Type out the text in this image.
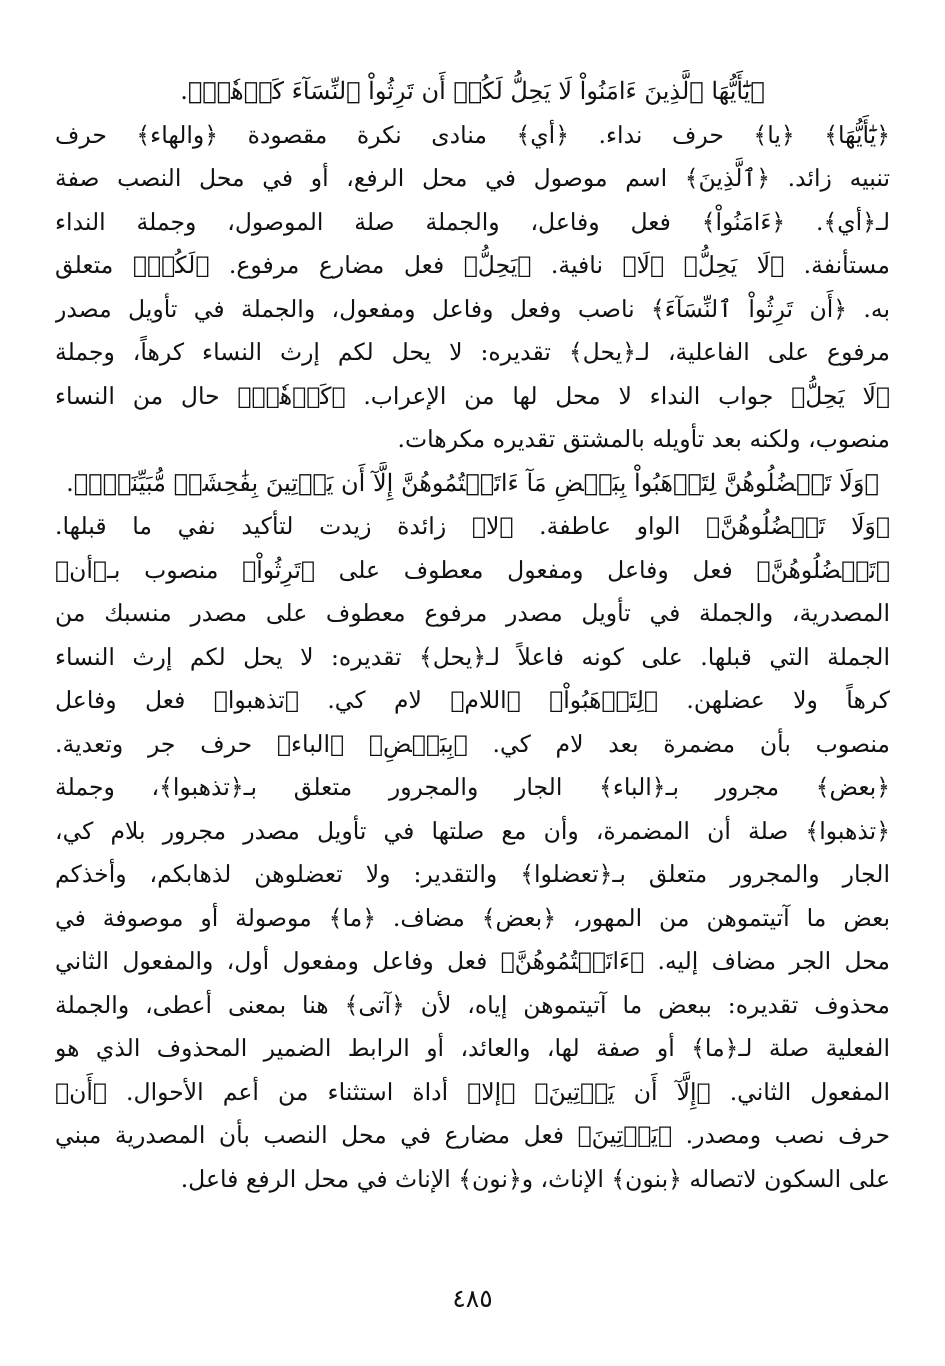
﴿يَٰٓأَيُّهَا ٱلَّذِينَ ءَامَنُواْ لَا يَحِلُّ لَكُمۡ أَن تَرِثُواْ ٱلنِّسَآءَ كَرۡهٗاۖ﴾.
﴿يَٰٓأَيُّهَا﴾ ﴿يا﴾ حرف نداء. ﴿أي﴾ منادى نكرة مقصودة ﴿والهاء﴾ حرف
تنبيه زائد. ﴿ٱلَّذِينَ﴾ اسم موصول في محل الرفع، أو في محل النصب صفة
لـ﴿أي﴾. ﴿ءَامَنُواْ﴾ فعل وفاعل، والجملة صلة الموصول، وجملة النداء
مستأنفة. ﴿لَا يَحِلُّ﴾ ﴿لَا﴾ نافية. ﴿يَحِلُّ﴾ فعل مضارع مرفوع. ﴿لَكُمۡ﴾ متعلق
به. ﴿أَن تَرِثُواْ ٱلنِّسَآءَ﴾ ناصب وفعل وفاعل ومفعول، والجملة في تأويل مصدر
مرفوع على الفاعلية، لـ﴿يحل﴾ تقديره: لا يحل لكم إرث النساء كرهاً، وجملة
﴿لَا يَحِلُّ﴾ جواب النداء لا محل لها من الإعراب. ﴿كَرۡهٗاۖ﴾ حال من النساء
منصوب، ولكنه بعد تأويله بالمشتق تقديره مكرهات.
﴿وَلَا تَعۡضُلُوهُنَّ لِتَذۡهَبُواْ بِبَعۡضِ مَآ ءَاتَيۡتُمُوهُنَّ إِلَّآ أَن يَأۡتِينَ بِفَٰحِشَةٖ مُّبَيِّنَةٖۚ﴾.
﴿وَلَا تَعۡضُلُوهُنَّ﴾ الواو عاطفة. ﴿لا﴾ زائدة زيدت لتأكيد نفي ما قبلها.
﴿تَعۡضُلُوهُنَّ﴾ فعل وفاعل ومفعول معطوف على ﴿تَرِثُواْ﴾ منصوب بـ﴿أن﴾
المصدرية، والجملة في تأويل مصدر مرفوع معطوف على مصدر منسبك من
الجملة التي قبلها. على كونه فاعلاً لـ﴿يحل﴾ تقديره: لا يحل لكم إرث النساء
كرهاً ولا عضلهن. ﴿لِتَذۡهَبُواْ﴾ ﴿اللام﴾ لام كي. ﴿تذهبوا﴾ فعل وفاعل
منصوب بأن مضمرة بعد لام كي. ﴿بِبَعۡضِ﴾ ﴿الباء﴾ حرف جر وتعدية.
﴿بعض﴾ مجرور بـ﴿الباء﴾ الجار والمجرور متعلق بـ﴿تذهبوا﴾، وجملة
﴿تذهبوا﴾ صلة أن المضمرة، وأن مع صلتها في تأويل مصدر مجرور بلام كي،
الجار والمجرور متعلق بـ﴿تعضلوا﴾ والتقدير: ولا تعضلوهن لذهابكم، وأخذكم
بعض ما آتيتموهن من المهور، ﴿بعض﴾ مضاف. ﴿ما﴾ موصولة أو موصوفة في
محل الجر مضاف إليه. ﴿ءَاتَيۡتُمُوهُنَّ﴾ فعل وفاعل ومفعول أول، والمفعول الثاني
محذوف تقديره: ببعض ما آتيتموهن إياه، لأن ﴿آتى﴾ هنا بمعنى أعطى، والجملة
الفعلية صلة لـ﴿ما﴾ أو صفة لها، والعائد، أو الرابط الضمير المحذوف الذي هو
المفعول الثاني. ﴿إِلَّآ أَن يَأۡتِينَ﴾ ﴿إلا﴾ أداة استثناء من أعم الأحوال. ﴿أَن﴾
حرف نصب ومصدر. ﴿يَأۡتِينَ﴾ فعل مضارع في محل النصب بأن المصدرية مبني
على السكون لاتصاله ﴿بنون﴾ الإناث، و﴿نون﴾ الإناث في محل الرفع فاعل.
٤٨٥
